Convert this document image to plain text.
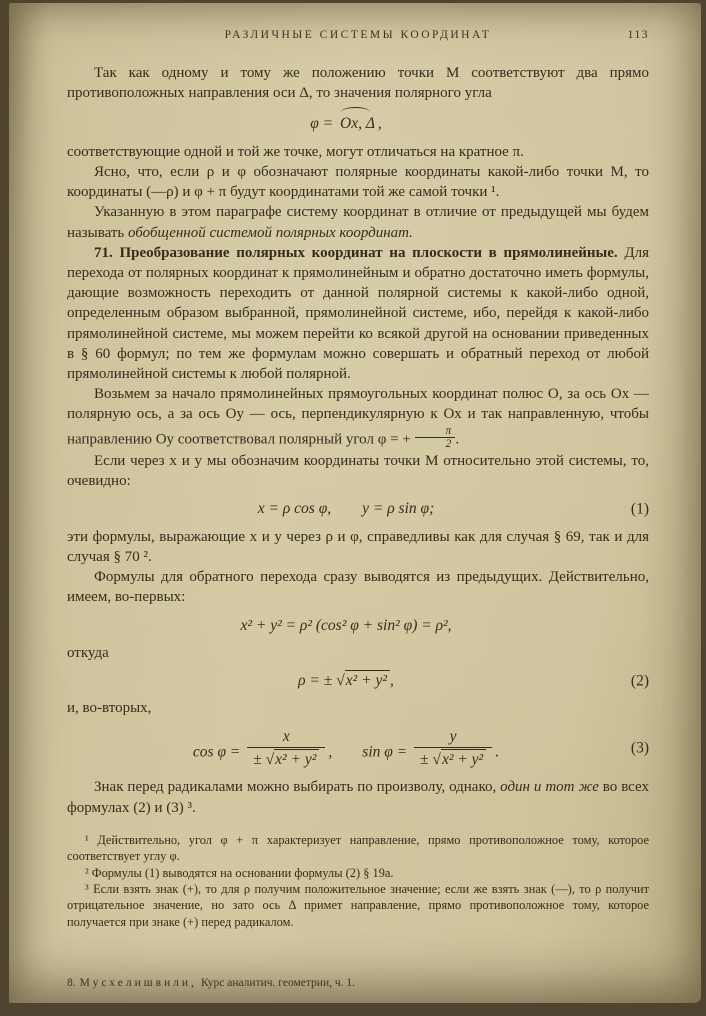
РАЗЛИЧНЫЕ СИСТЕМЫ КООРДИНАТ	113

Так как одному и тому же положению точки M соответствуют два прямо противоположных направления оси Δ, то значения полярного угла

φ = Ox, Δ ,

соответствующие одной и той же точке, могут отличаться на кратное π.

Ясно, что, если ρ и φ обозначают полярные координаты какой-либо точки M, то координаты (—ρ) и φ + π будут координатами той же самой точки ¹.

Указанную в этом параграфе систему координат в отличие от предыдущей мы будем называть обобщенной системой полярных координат.

71. Преобразование полярных координат на плоскости в прямолинейные. Для перехода от полярных координат к прямолинейным и обратно достаточно иметь формулы, дающие возможность переходить от данной полярной системы к какой-либо одной, определенным образом выбранной, прямолинейной системе, ибо, перейдя к какой-либо прямолинейной системе, мы можем перейти ко всякой другой на основании приведенных в § 60 формул; по тем же формулам можно совершать и обратный переход от любой прямолинейной системы к любой полярной.

Возьмем за начало прямолинейных прямоугольных координат полюс O, за ось Ox — полярную ось, а за ось Oy — ось, перпендикулярную к Ox и так направленную, чтобы направлению Oy соответствовал полярный угол φ = + $\frac{\pi}{2}$ .

Если через x и y мы обозначим координаты точки M относительно этой системы, то, очевидно:

x = ρ cos φ,  y = ρ sin φ;	(1)

эти формулы, выражающие x и y через ρ и φ, справедливы как для случая § 69, так и для случая § 70 ².

Формулы для обратного перехода сразу выводятся из предыдущих. Действительно, имеем, во-первых:

x² + y² = ρ² (cos² φ + sin² φ) = ρ²,

откуда

ρ = ± √x² + y² ,	(2)

и, во-вторых,

$\cos \varphi = \frac{x}{\text{± √x² + y²}}$ , $\sin \varphi = \frac{y}{\text{± √x² + y²}}$ .	(3)

Знак перед радикалами можно выбирать по произволу, однако, один и тот же во всех формулах (2) и (3) ³.

¹ Действительно, угол φ + π характеризует направление, прямо противоположное тому, которое соответствует углу φ.

² Формулы (1) выводятся на основании формулы (2) § 19а.

³ Если взять знак (+), то для ρ получим положительное значение; если же взять знак (—), то ρ получит отрицательное значение, но зато ось Δ примет направление, прямо противоположное тому, которое получается при знаке (+) перед радикалом.

8. Мусхелишвили, Курс аналитич. геометрии, ч. 1.
